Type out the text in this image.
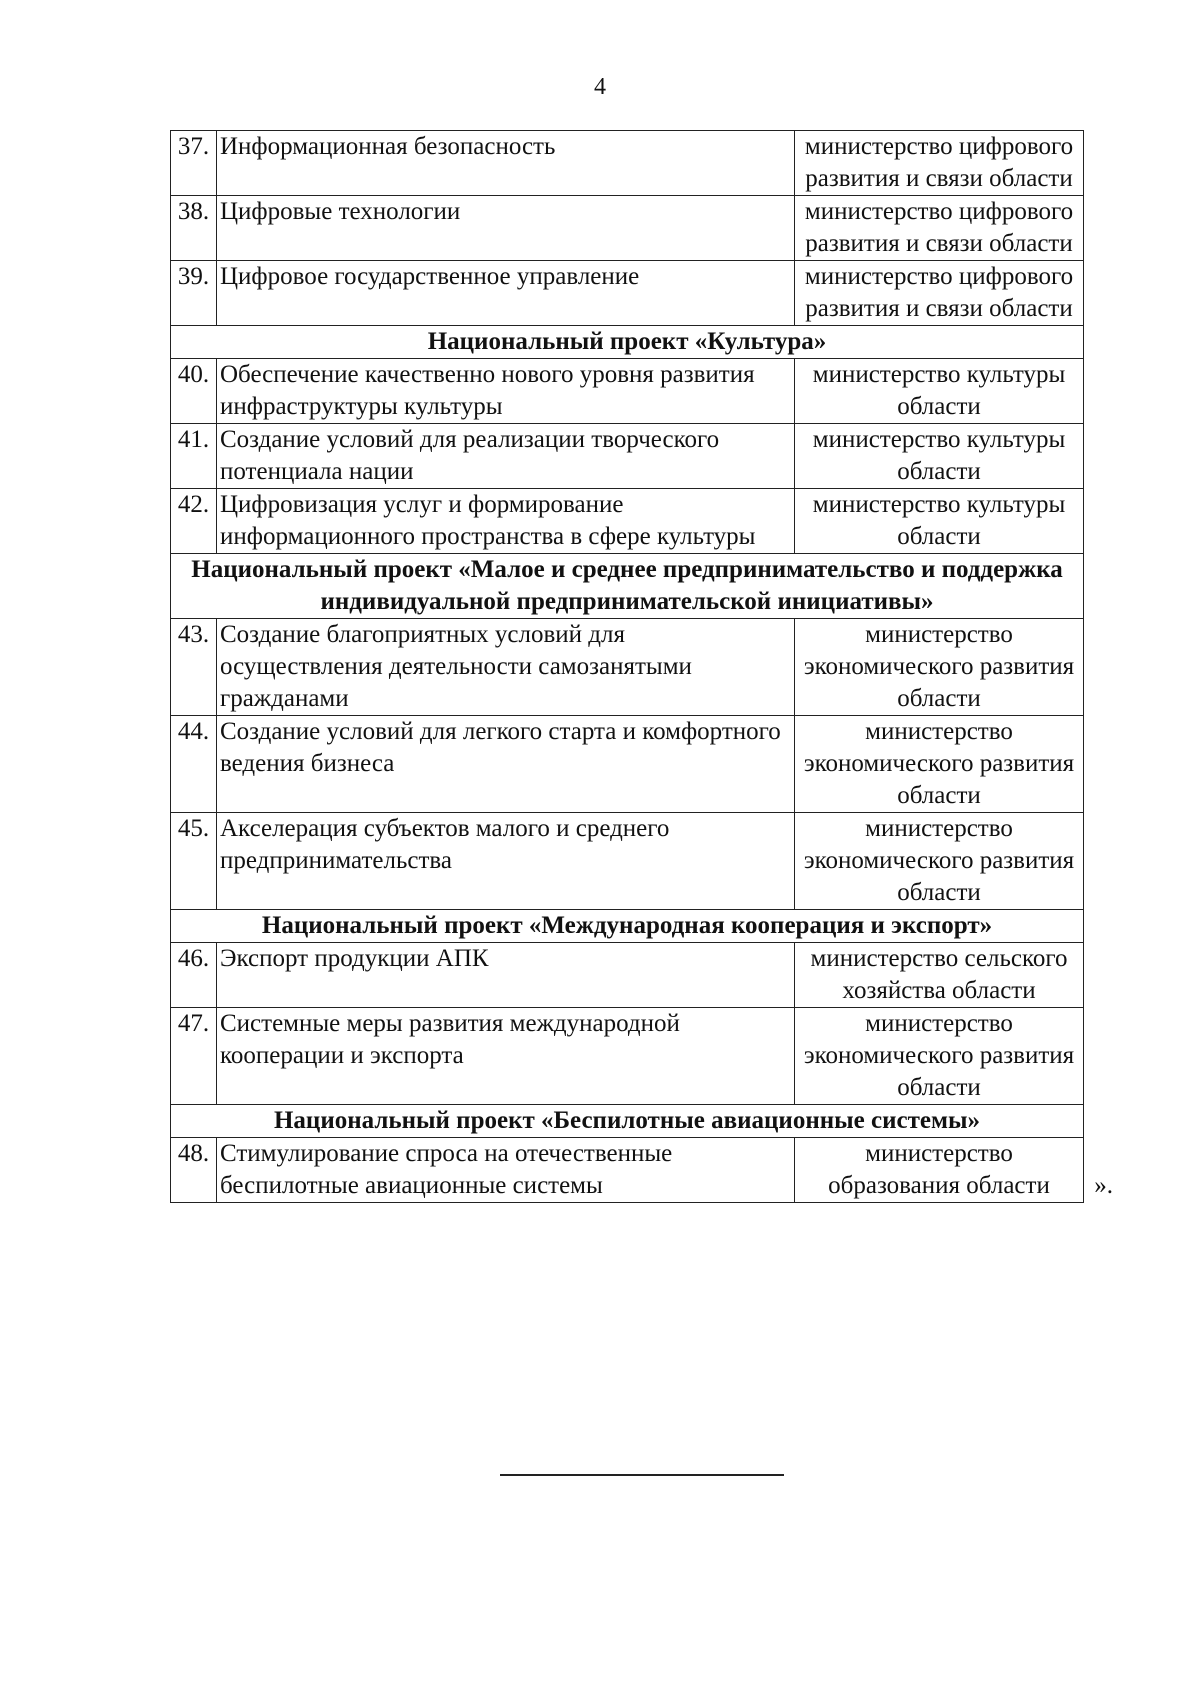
4
37.	Информационная безопасность	министерство цифрового развития и связи области
38.	Цифровые технологии	министерство цифрового развития и связи области
39.	Цифровое государственное управление	министерство цифрового развития и связи области
Национальный проект «Культура»		
40.	Обеспечение качественно нового уровня развития инфраструктуры культуры	министерство культуры области
41.	Создание условий для реализации творческого потенциала нации	министерство культуры области
42.	Цифровизация услуг и формирование информационного пространства в сфере культуры	министерство культуры области
Национальный проект «Малое и среднее предпринимательство и поддержка индивидуальной предпринимательской инициативы»		
43.	Создание благоприятных условий для осуществления деятельности самозанятыми гражданами	министерство экономического развития области
44.	Создание условий для легкого старта и комфортного ведения бизнеса	министерство экономического развития области
45.	Акселерация субъектов малого и среднего предпринимательства	министерство экономического развития области
Национальный проект «Международная кооперация и экспорт»		
46.	Экспорт продукции АПК	министерство сельского хозяйства области
47.	Системные меры развития международной кооперации и экспорта	министерство экономического развития области
Национальный проект «Беспилотные авиационные системы»		
48.	Стимулирование спроса на отечественные беспилотные авиационные системы	министерство образования области ».
